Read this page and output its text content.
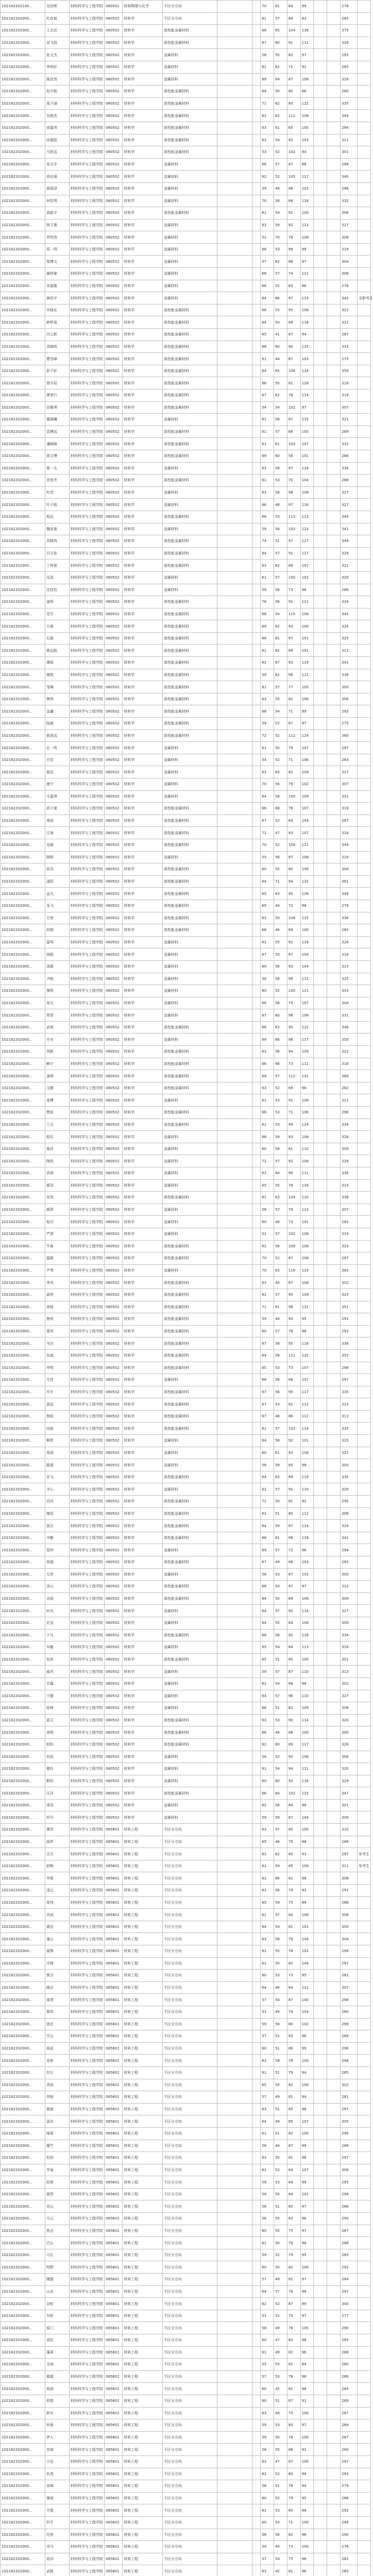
102162202100...	吴彦辉	材料科学与工程学院	080501	材料物理与化学	不区分方向			70	61	64	99			278	
102162202000...	杜彦斌	材料科学与工程学院	080502	材料学	不区分方向			61	57	84	83			285	
102162202000...	王志民	材料科学与工程学院	080502	材料学	高性能金属材料			68	65	104	138			375	
102162202000...	刘飞扬	材料科学与工程学院	080502	材料学	高性能金属材料			67	60	91	111			329	
102162202000...	张文杰	材料科学与工程学院	080502	材料学	金属材料			58	55	82	97			292	
102162202000...	李明轩	材料科学与工程学院	080502	材料学	金属材料			61	62	71	91			285	
102162202000...	陈浩然	材料科学与工程学院	080502	材料学	金属材料			69	64	87	106			326	
102162202000...	赵宇航	材料科学与工程学院	080502	材料学	高性能金属材料			64	50	80	86			280	
102162202000...	周子涵	材料科学与工程学院	080502	材料学	高性能金属材料			71	62	80	122			335	
102162202000...	吴俊杰	材料科学与工程学院	080502	材料学	高性能金属材料			62	62	112	108			344	
102162202000...	徐嘉伟	材料科学与工程学院	080502	材料学	高性能金属材料			63	61	65	105			294	
102162202000...	孙晨阳	材料科学与工程学院	080502	材料学	高性能金属材料			62	54	92	103			311	
102162202000...	马思远	材料科学与工程学院	080502	材料学	高性能金属材料			53	52	102	94			301	
102162202000...	朱天宇	材料科学与工程学院	080502	材料学	金属材料			66	57	87	88			298	
102162202000...	胡志强	材料科学与工程学院	080502	材料学	金属材料			62	52	105	117			340	
102162202000...	郭雨泽	材料科学与工程学院	080502	材料学	金属材料			59	49	86	102			296	
102162202000...	何佳琪	材料科学与工程学院	080502	材料学	金属材料			70	56	88	118			332	
102162202000...	高振宇	材料科学与工程学院	080502	材料学	高性能金属材料			61	54	91	100			306	
102162202000...	林子墨	材料科学与工程学院	080502	材料学	金属材料			63	59	92	113			327	
102162202000...	罗欣然	材料科学与工程学院	080502	材料学	金属材料			52	70	78	108			308	
102162202000...	郑一鸣	材料科学与工程学院	080502	材料学	金属材料			68	53	99	99			319	
102162202000...	梁博文	材料科学与工程学院	080502	材料学	金属材料			57	62	88	97			304	
102162202000...	谢梓豪	材料科学与工程学院	080502	材料学	金属材料			66	57	74	111			308	
102162202000...	宋嘉懿	材料科学与工程学院	080502	材料学	金属材料			66	52	63	86			276	
102162202000...	唐浩宇	材料科学与工程学院	080502	材料学	金属材料			64	66	97	115			342	全职考生
102162202000...	许晓东	材料科学与工程学院	080502	材料学	高性能金属材料			66	55	95	106			322	
102162202000...	韩梦瑶	材料科学与工程学院	080502	材料学	高性能金属材料			64	50	89	118			321	
102162202000...	冯立新	材料科学与工程学院	080502	材料学	高性能金属材料			65	41	87	94			287	
102162202000...	邓晓明	材料科学与工程学院	080502	材料学	高性能金属材料			68	60	90	115			333	
102162202000...	曹雪峰	材料科学与工程学院	080502	材料学	高性能金属材料			61	44	67	103			275	
102162202000...	彭子轩	材料科学与工程学院	080502	材料学	高性能金属材料			64	65	106	124			359	
102162202000...	曾宇辰	材料科学与工程学院	080502	材料学	高性能金属材料			66	55	81	116			318	
102162202000...	萧景行	材料科学与工程学院	080502	材料学	高性能金属材料			67	62	76	114			319	
102162202000...	田雅琪	材料科学与工程学院	080502	材料学	高性能金属材料			54	54	102	97			307	
102162202000...	董晨曦	材料科学与工程学院	080502	材料学	金属材料			61	58	87	115			321	
102162202000...	袁博远	材料科学与工程学院	080502	材料学	高性能金属材料			61	57	66	105			289	
102162202000...	潘晓峰	材料科学与工程学院	080502	材料学	高性能金属材料			61	61	103	107			332	
102162202000...	蒋文博	材料科学与工程学院	080502	材料学	高性能金属材料			69	60	56	101			286	
102162202000...	蔡一凡	材料科学与工程学院	080502	材料学	金属材料			63	58	97	118			336	
102162202000...	余思齐	材料科学与工程学院	080502	材料学	高性能金属材料			61	53	70	104			288	
102162202000...	杜若	材料科学与工程学院	080502	材料学	金属材料			63	58	98	108			327	
102162202000...	叶子航	材料科学与工程学院	080502	材料学	金属材料			66	48	97	116			327	
102162202000...	程远	材料科学与工程学院	080502	材料学	高性能金属材料			68	55	113	113			349	
102162202000...	魏家豪	材料科学与工程学院	080502	材料学	金属材料			59	56	103	123			341	
102162202000...	苏晓冉	材料科学与工程学院	080502	材料学	高性能金属材料			74	51	97	127			349	
102162202000...	吕天佑	材料科学与工程学院	080502	材料学	高性能金属材料			64	57	91	117			329	
102162202000...	丁梓萱	材料科学与工程学院	080502	材料学	高性能金属材料			63	62	89	107			321	
102162202000...	任浩	材料科学与工程学院	080502	材料学	金属材料			61	57	100	102			320	
102162202000...	沈佳怡	材料科学与工程学院	080502	材料学	金属材料			59	56	73	98			286	
102162202000...	姜明	材料科学与工程学院	080502	材料学	高性能金属材料			76	56	91	111			334	
102162202000...	范宇	材料科学与工程学院	080502	材料学	高性能金属材料			68	54	115	108			345	
102162202000...	方晨	材料科学与工程学院	080502	材料学	高性能金属材料			69	62	93	100			324	
102162202000...	石磊	材料科学与工程学院	080502	材料学	高性能金属材料			66	61	97	101			325	
102162202000...	姚远航	材料科学与工程学院	080502	材料学	高性能金属材料			61	62	89	101			313	
102162202000...	谭雨	材料科学与工程学院	080502	材料学	高性能金属材料			62	67	93	119			341	
102162202000...	廖凯	材料科学与工程学院	080502	材料学	高性能金属材料			59	62	96	121			338	
102162202000...	邹琳	材料科学与工程学院	080502	材料学	高性能金属材料			61	57	77	105			300	
102162202000...	熊伟	材料科学与工程学院	080502	材料学	高性能金属材料			63	55	82	106			306	
102162202000...	金鑫	材料科学与工程学院	080502	材料学	高性能金属材料			68	54	71	99			292	
102162202000...	陆晨	材料科学与工程学院	080502	材料学	高性能金属材料			59	52	67	97			275	
102162202000...	郝思远	材料科学与工程学院	080502	材料学	高性能金属材料			72	52	112	124			360	
102162202000...	孔一鸣	材料科学与工程学院	080502	材料学	金属材料			61	50	79	107			297	
102162202000...	白雪	材料科学与工程学院	080502	材料学	金属材料			54	52	71	106			283	
102162202000...	崔浩	材料科学与工程学院	080502	材料学	金属材料			63	63	82	109			317	
102162202000...	康宁	材料科学与工程学院	080502	材料学	金属材料			70	56	79	102			307	
102162202000...	毛嘉琪	材料科学与工程学院	080502	材料学	金属材料			64	58	100	109			331	
102162202000...	邱子豪	材料科学与工程学院	080502	材料学	高性能金属材料			66	68	78	107			319	
102162202000...	秦雨	材料科学与工程学院	080502	材料学	高性能金属材料			67	52	64	104			287	
102162202000...	江海	材料科学与工程学院	080502	材料学	高性能金属材料			71	47	93	107			318	
102162202000...	史晨	材料科学与工程学院	080502	材料学	高性能金属材料			70	52	106	121			349	
102162202000...	顾明	材料科学与工程学院	080502	材料学	金属材料			55	56	97	108			316	
102162202000...	侯杰	材料科学与工程学院	080502	材料学	高性能金属材料			60	55	80	109			304	
102162202000...	邵阳	材料科学与工程学院	080502	材料学	高性能金属材料			64	71	94	132			361	
102162202000...	孟凡	材料科学与工程学院	080502	材料学	高性能金属材料			65	63	95	126			349	
102162202000...	龙飞	材料科学与工程学院	080502	材料学	高性能金属材料			65	44	72	98			279	
102162202000...	万里	材料科学与工程学院	080502	材料学	高性能金属材料			63	50	108	115			336	
102162202000...	段瑞	材料科学与工程学院	080502	材料学	高性能金属材料			68	48	69	100			285	
102162202000...	雷鸣	材料科学与工程学院	080502	材料学	金属材料			61	55	92	118			326	
102162202000...	钱程	材料科学与工程学院	080502	材料学	金属材料			67	55	87	109			318	
102162202000...	汤圆	材料科学与工程学院	080502	材料学	金属材料			60	56	93	104			313	
102162202000...	尹航	材料科学与工程学院	080502	材料学	金属材料			58	56	99	112			325	
102162202000...	黎明	材料科学与工程学院	080502	材料学	金属材料			60	52	100	121			333	
102162202000...	易凡	材料科学与工程学院	080502	材料学	金属材料			66	56	75	107			304	
102162202000...	常青	材料科学与工程学院	080502	材料学	金属材料			67	60	98	106			331	
102162202000...	武斌	材料科学与工程学院	080502	材料学	高性能金属材料			66	63	95	122			346	
102162202000...	乔木	材料科学与工程学院	080502	材料学	金属材料			69	66	98	117			350	
102162202000...	贺新	材料科学与工程学院	080502	材料学	高性能金属材料			63	56	94	109			322	
102162202000...	赖宁	材料科学与工程学院	080502	材料学	高性能金属材料			66	66	73	111			316	
102162202000...	龚琪	材料科学与工程学院	080502	材料学	高性能金属材料			69	57	112	131			369	
102162202000...	文静	材料科学与工程学院	080502	材料学	高性能金属材料			63	52	69	98			282	
102162202000...	庞博	材料科学与工程学院	080502	材料学	金属材料			61	53	91	106			311	
102162202000...	樊星	材料科学与工程学院	080502	材料学	高性能金属材料			66	53	71	106			296	
102162202000...	兰天	材料科学与工程学院	080502	材料学	高性能金属材料			61	55	99	124			339	
102162202000...	殷实	材料科学与工程学院	080502	材料学	金属材料			68	59	93	108			328	
102162202000...	施洋	材料科学与工程学院	080502	材料学	金属材料			60	58	81	110			309	
102162202000...	陶然	材料科学与工程学院	080502	材料学	金属材料			72	57	92	108			329	
102162202000...	洪涛	材料科学与工程学院	080502	材料学	金属材料			62	64	99	111			336	
102162202000...	翟羽	材料科学与工程学院	080502	材料学	金属材料			65	55	78	116			314	
102162202000...	安然	材料科学与工程学院	080502	材料学	高性能金属材料			61	63	104	110			338	
102162202000...	颜青	材料科学与工程学院	080502	材料学	金属材料			58	57	79	113			307	
102162202000...	倪可	材料科学与工程学院	080502	材料学	金属材料			60	48	73	101			282	
102162202000...	严肃	材料科学与工程学院	080502	材料学	金属材料			52	57	102	108			319	
102162202000...	牛犇	材料科学与工程学院	080502	材料学	高性能金属材料			62	56	109	106			333	
102162202000...	温暖	材料科学与工程学院	080502	材料学	高性能金属材料			70	52	67	108			297	
102162202000...	芦苇	材料科学与工程学院	080502	材料学	金属材料			70	63	116	133			382	
102162202000...	季风	材料科学与工程学院	080502	材料学	高性能金属材料			63	44	87	108			302	
102162202000...	俞快	材料科学与工程学院	080502	材料学	高性能金属材料			62	57	95	109			323	
102162202000...	章程	材料科学与工程学院	080502	材料学	高性能金属材料			71	61	98	121			351	
102162202000...	鲁班	材料科学与工程学院	080502	材料学	高性能金属材料			59	44	93	95			291	
102162202000...	葛亮	材料科学与工程学院	080502	材料学	高性能金属材料			60	57	78	98			293	
102162202000...	韦达	材料科学与工程学院	080502	材料学	高性能金属材料			67	58	95	118			338	
102162202000...	伍迪	材料科学与工程学院	080502	材料学	高性能金属材料			64	58	111	122			355	
102162202000...	申明	材料科学与工程学院	080502	材料学	高性能金属材料			65	53	73	107			298	
102162202000...	尤佳	材料科学与工程学院	080502	材料学	金属材料			68	56	66	107			297	
102162202000...	毕升	材料科学与工程学院	080502	材料学	高性能金属材料			67	56	95	117			335	
102162202000...	聂远	材料科学与工程学院	080502	材料学	高性能金属材料			67	53	81	112			313	
102162202000...	焦阳	材料科学与工程学院	080502	材料学	高性能金属材料			67	48	86	112			313	
102162202000...	向前	材料科学与工程学院	080502	材料学	高性能金属材料			61	57	103	114			335	
102162202000...	柳青	材料科学与工程学院	080502	材料学	金属材料			64	58	92	101			315	
102162202000...	邢涛	材料科学与工程学院	080502	材料学	金属材料			60	61	93	108			322	
102162202000...	路遥	材料科学与工程学院	080502	材料学	金属材料			58	59	85	98			300	
102162202000...	岳飞	材料科学与工程学院	080502	材料学	高性能金属材料			64	63	89	119			335	
102162202000...	齐心	材料科学与工程学院	080502	材料学	金属材料			62	57	91	110			320	
102162202000...	沿河	材料科学与工程学院	080502	材料学	高性能金属材料			72	50	81	92			295	
102162202000...	梅雪	材料科学与工程学院	080502	材料学	高性能金属材料			63	51	80	112			306	
102162202000...	莫言	材料科学与工程学院	080502	材料学	高性能金属材料			64	59	87	114			324	
102162202000...	辛勤	材料科学与工程学院	080502	材料学	高性能金属材料			66	61	96	118			341	
102162202000...	管仲	材料科学与工程学院	080502	材料学	金属材料			69	57	72	96			294	
102162202000...	祝福	材料科学与工程学院	080502	材料学	高性能金属材料			67	49	66	103			285	
102162202000...	左岸	材料科学与工程学院	080502	材料学	金属材料			58	53	87	102			300	
102162202000...	涂山	材料科学与工程学院	080502	材料学	高性能金属材料			68	50	97	97			312	
102162202000...	谷雨	材料科学与工程学院	080502	材料学	高性能金属材料			64	50	89	106			309	
102162202000...	时光	材料科学与工程学院	080502	材料学	金属材料			64	57	92	114			327	
102162202000...	应龙	材料科学与工程学院	080502	材料学	金属材料			64	55	84	106			309	
102162202000...	卜凡	材料科学与工程学院	080502	材料学	高性能金属材料			68	56	92	118			334	
102162202000...	车辙	材料科学与工程学院	080502	材料学	金属材料			65	54	84	113			316	
102162202000...	包容	材料科学与工程学院	080502	材料学	高性能金属材料			65	51	85	100			301	
102162202000...	戚风	材料科学与工程学院	080502	材料学	金属材料			59	57	87	110			313	
102162202000...	甘露	材料科学与工程学院	080502	材料学	金属材料			62	54	88	98			302	
102162202000...	宁静	材料科学与工程学院	080502	材料学	金属材料			64	57	96	110			327	
102162202000...	桂林	材料科学与工程学院	080502	材料学	金属材料			66	51	82	109			308	
102162202000...	蓝天	材料科学与工程学院	080502	材料学	高性能金属材料			63	53	90	114			320	
102162202000...	景明	材料科学与工程学院	080502	材料学	高性能金属材料			66	48	86	100			300	
102162202000...	柏松	材料科学与工程学院	080502	材料学	高性能金属材料			62	60	89	117			328	
102162202000...	仇恒	材料科学与工程学院	080502	材料学	金属材料			58	52	90	106			306	
102162202000...	储存	材料科学与工程学院	080502	材料学	金属材料			61	54	94	111			320	
102162202000...	靳松	材料科学与工程学院	080502	材料学	金属材料			60	60	93	116			329	
102162202000...	汪洋	材料科学与工程学院	080502	材料学	高性能金属材料			66	64	102	115			347	
102162202000...	项羽	材料科学与工程学院	080502	材料学	金属材料			62	56	84	99			301	
102162202000...	符号	材料科学与工程学院	080502	材料学	金属材料			59	59	87	104			309	
102162202000...	屠苏	材料科学与工程学院	085601	材料工程	不区分方向			63	57	85	105			310	
102162202000...	阎罗	材料科学与工程学院	085601	材料工程	不区分方向			65	48	75	98			286	
102162202000...	古月	材料科学与工程学院	085601	材料工程	不区分方向			62	62	80	93			297	单考生
102162202000...	舒畅	材料科学与工程学院	085601	材料工程	不区分方向			61	59	85	106			311	单考生
102162202000...	华夏	材料科学与工程学院	085601	材料工程	不区分方向			62	66	82	98			308	
102162202000...	凌云	材料科学与工程学院	085601	材料工程	不区分方向			63	56	79	93			291	
102162202000...	单纯	材料科学与工程学院	085601	材料工程	不区分方向			65	59	75	89			288	
102162202000...	巩固	材料科学与工程学院	085601	材料工程	不区分方向			61	57	84	106			308	
102162202000...	霍达	材料科学与工程学院	085601	材料工程	不区分方向			64	54	81	101			300	
102162202000...	蒲公	材料科学与工程学院	085601	材料工程	不区分方向			63	58	79	104			304	
102162202000...	晏殊	材料科学与工程学院	085601	材料工程	不区分方向			61	55	78	102			296	
102162202000...	冷锋	材料科学与工程学院	085601	材料工程	不区分方向			61	50	82	104			297	
102162202000...	訾言	材料科学与工程学院	085601	材料工程	不区分方向			60	53	73	95			281	
102162202000...	阚言	材料科学与工程学院	085601	材料工程	不区分方向			64	48	84	111			307	
102162202000...	那英	材料科学与工程学院	085601	材料工程	不区分方向			57	54	87	100			298	
102162202000...	简单	材料科学与工程学院	085601	材料工程	不区分方向			53	49	74	104			280	
102162202000...	饶舌	材料科学与工程学院	085601	材料工程	不区分方向			59	58	80	102			299	
102162202000...	空山	材料科学与工程学院	085601	材料工程	不区分方向			57	52	83	96			288	
102162202000...	曲直	材料科学与工程学院	085601	材料工程	不区分方向			60	51	86	99			296	
102162202000...	家和	材料科学与工程学院	085601	材料工程	不区分方向			62	58	78	100			298	
102162202000...	封尘	材料科学与工程学院	085601	材料工程	不区分方向			61	51	79	94			285	
102162202000...	芮成	材料科学与工程学院	085601	材料工程	不区分方向			65	55	82	100			302	
102162202000...	羿射	材料科学与工程学院	085601	材料工程	不区分方向			57	49	81	94			281	
102162202000...	储备	材料科学与工程学院	085601	材料工程	不区分方向			63	51	85	98			297	
102162202000...	汲水	材料科学与工程学院	085601	材料工程	不区分方向			64	49	85	107			305	
102162202000...	邴原	材料科学与工程学院	085601	材料工程	不区分方向			61	51	82	100			294	
102162202000...	糜竺	材料科学与工程学院	085601	材料工程	不区分方向			56	44	87	99			286	
102162202000...	松柏	材料科学与工程学院	085601	材料工程	不区分方向			63	55	81	98			297	
102162202000...	井泉	材料科学与工程学院	085601	材料工程	不区分方向			63	52	84	107			306	
102162202000...	段誉	材料科学与工程学院	085601	材料工程	不区分方向			59	53	84	99			295	
102162202000...	富贵	材料科学与工程学院	085601	材料工程	不区分方向			58	55	84	101			298	
102162202000...	巫山	材料科学与工程学院	085601	材料工程	不区分方向			58	51	80	97			286	
102162202000...	乌云	材料科学与工程学院	085601	材料工程	不区分方向			56	55	83	96			290	
102162202000...	焦点	材料科学与工程学院	085601	材料工程	不区分方向			60	55	75	97			287	
102162202000...	巴山	材料科学与工程学院	085601	材料工程	不区分方向			61	50	79	98			288	
102162202000...	弓长	材料科学与工程学院	085601	材料工程	不区分方向			59	52	79	95			285	
102162202000...	牧野	材料科学与工程学院	085601	材料工程	不区分方向			60	50	82	100			292	
102162202000...	隗嚣	材料科学与工程学院	085601	材料工程	不区分方向			57	49	81	97			284	
102162202000...	山水	材料科学与工程学院	085601	材料工程	不区分方向			64	57	78	98			297	
102162202000...	谷粒	材料科学与工程学院	085601	材料工程	不区分方向			62	52	87	99			300	
102162202000...	车轮	材料科学与工程学院	085601	材料工程	不区分方向			53	52	75	97			277	
102162202000...	侯门	材料科学与工程学院	085601	材料工程	不区分方向			58	49	78	105			290	
102162202000...	宓妃	材料科学与工程学院	085601	材料工程	不区分方向			60	47	80	98			285	
102162202000...	蓬莱	材料科学与工程学院	085601	材料工程	不区分方向			61	49	82	96			288	
102162202000...	全局	材料科学与工程学院	085601	材料工程	不区分方向			55	55	81	89			280	
102162202000...	郗超	材料科学与工程学院	085601	材料工程	不区分方向			57	53	78	98			286	
102162202000...	班固	材料科学与工程学院	085601	材料工程	不区分方向			60	45	81	98			284	
102162202000...	仰望	材料科学与工程学院	085601	材料工程	不区分方向			60	51	87	91			289	
102162202000...	秋实	材料科学与工程学院	085601	材料工程	不区分方向			63	49	75	100			287	
102162202000...	仲夏	材料科学与工程学院	085601	材料工程	不区分方向			59	53	80	97			289	
102162202000...	伊人	材料科学与工程学院	085601	材料工程	不区分方向			59	50	78	100			287	
102162202000...	宫商	材料科学与工程学院	085601	材料工程	不区分方向			58	55	86	91			290	
102162202000...	宁远	材料科学与工程学院	085601	材料工程	不区分方向			63	47	87	100			297	
102162202000...	仇英	材料科学与工程学院	085601	材料工程	不区分方向			62	52	80	99			293	
102162202000...	栾城	材料科学与工程学院	085601	材料工程	不区分方向			56	51	78	94			279	
102162202000...	暴雨	材料科学与工程学院	085601	材料工程	不区分方向			60	52	79	95			286	
102162202000...	甘棠	材料科学与工程学院	085601	材料工程	不区分方向			61	53	80	98			292	
102162202000...	钭平	材料科学与工程学院	085601	材料工程	不区分方向			60	53	71	100			284	
102162202000...	厉害	材料科学与工程学院	085601	材料工程	不区分方向			56	56	82	96			290	
102162202000...	戎马	材料科学与工程学院	085601	材料工程	不区分方向			59	44	73	100			276	
102162202000...	祖冲	材料科学与工程学院	085601	材料工程	不区分方向			57	54	75	96			282	
102162202000...	武陵	材料科学与工程学院	085601	材料工程	不区分方向			63	45	81	96			285	
